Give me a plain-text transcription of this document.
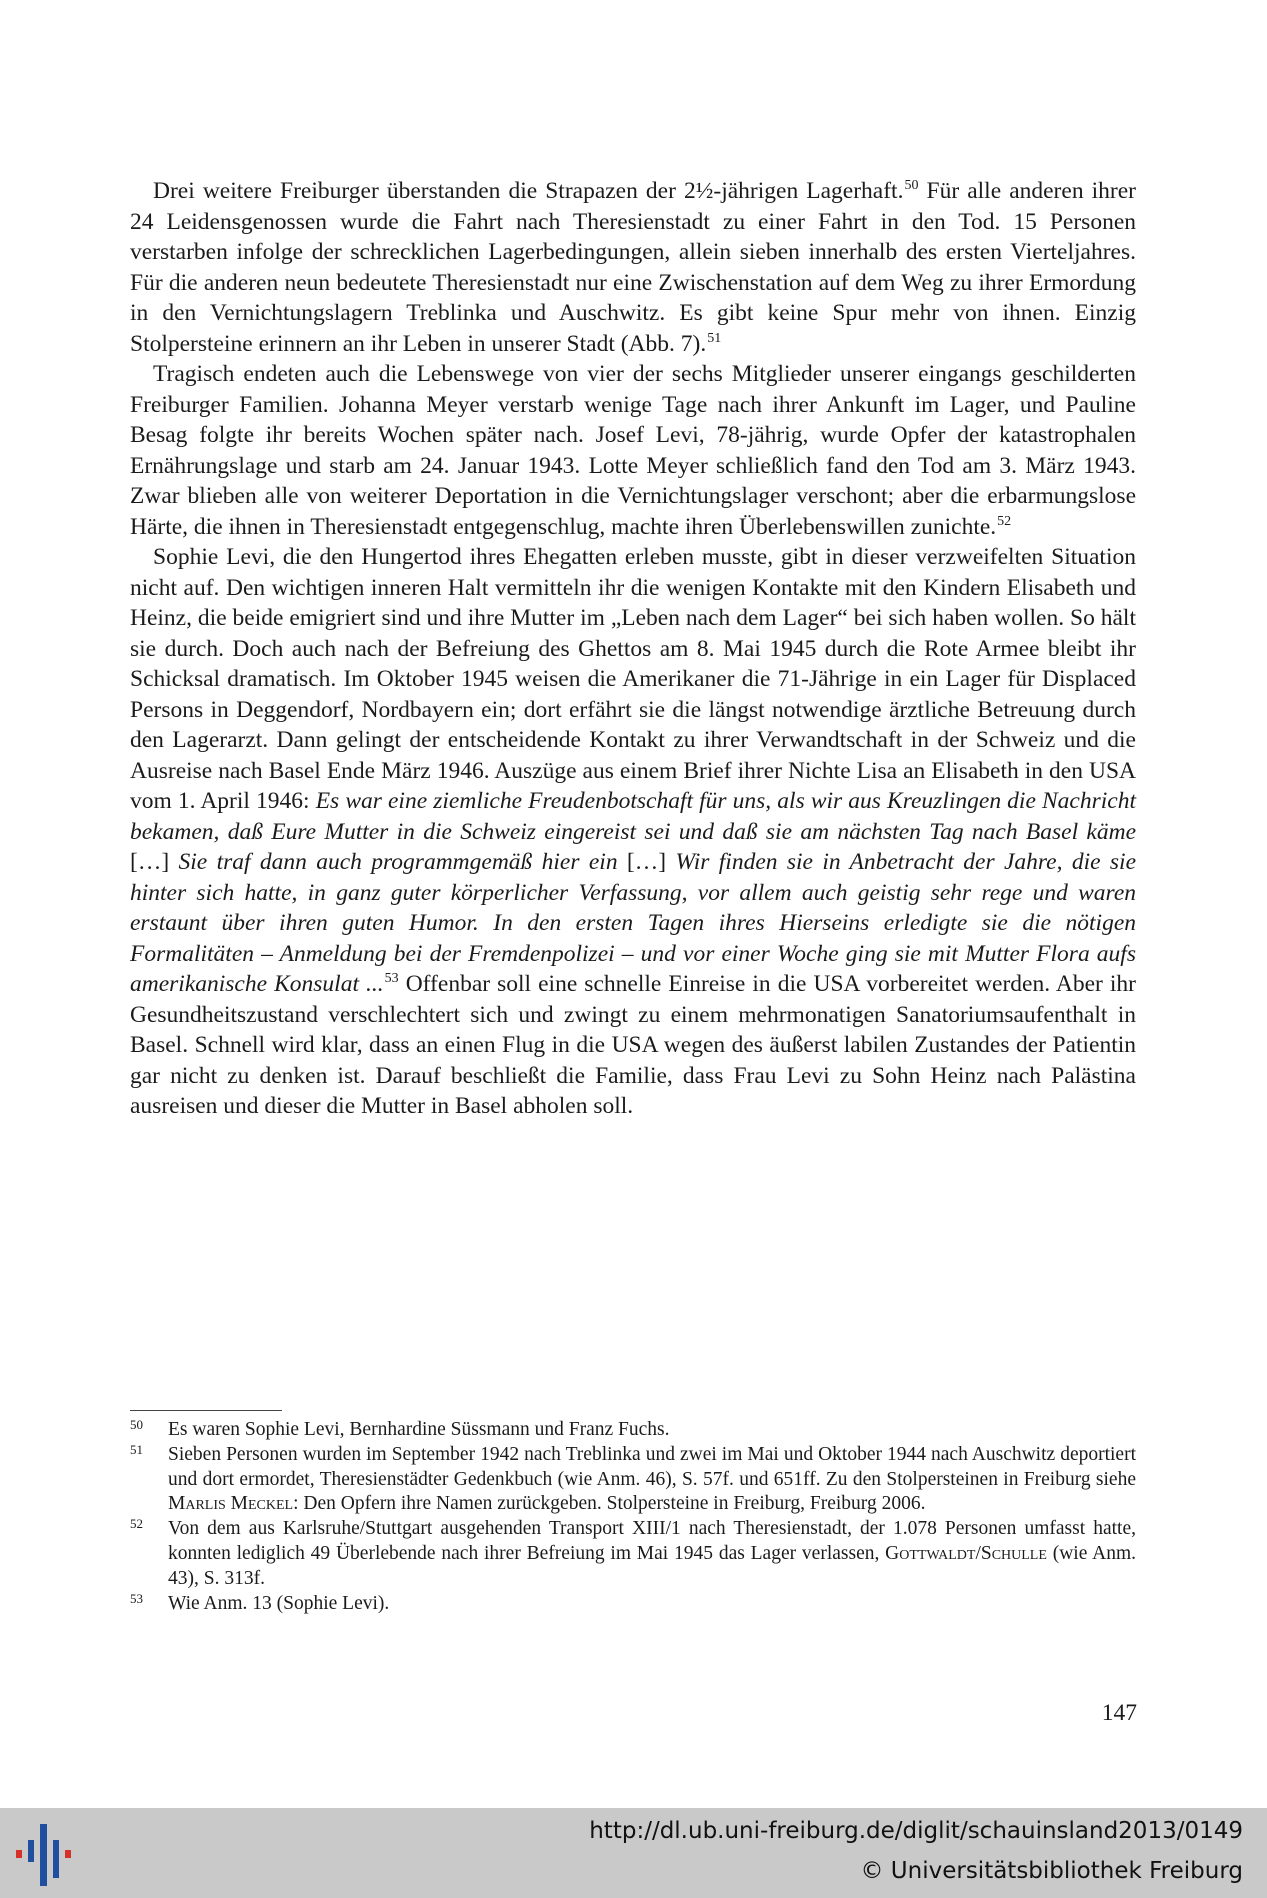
Drei weitere Freiburger überstanden die Strapazen der 2½-jährigen Lagerhaft.$^{50}$ Für alle anderen ihrer 24 Leidensgenossen wurde die Fahrt nach Theresienstadt zu einer Fahrt in den Tod. 15 Personen verstarben infolge der schrecklichen Lagerbedingungen, allein sieben innerhalb des ersten Vierteljahres. Für die anderen neun bedeutete Theresienstadt nur eine Zwischenstation auf dem Weg zu ihrer Ermordung in den Vernichtungslagern Treblinka und Auschwitz. Es gibt keine Spur mehr von ihnen. Einzig Stolpersteine erinnern an ihr Leben in unserer Stadt (Abb. 7).$^{51}$

Tragisch endeten auch die Lebenswege von vier der sechs Mitglieder unserer eingangs geschilderten Freiburger Familien. Johanna Meyer verstarb wenige Tage nach ihrer Ankunft im Lager, und Pauline Besag folgte ihr bereits Wochen später nach. Josef Levi, 78-jährig, wurde Opfer der katastrophalen Ernährungslage und starb am 24. Januar 1943. Lotte Meyer schließlich fand den Tod am 3. März 1943. Zwar blieben alle von weiterer Deportation in die Vernichtungslager verschont; aber die erbarmungslose Härte, die ihnen in Theresienstadt entgegenschlug, machte ihren Überlebenswillen zunichte.$^{52}$

Sophie Levi, die den Hungertod ihres Ehegatten erleben musste, gibt in dieser verzweifelten Situation nicht auf. Den wichtigen inneren Halt vermitteln ihr die wenigen Kontakte mit den Kindern Elisabeth und Heinz, die beide emigriert sind und ihre Mutter im „Leben nach dem Lager“ bei sich haben wollen. So hält sie durch. Doch auch nach der Befreiung des Ghettos am 8. Mai 1945 durch die Rote Armee bleibt ihr Schicksal dramatisch. Im Oktober 1945 weisen die Amerikaner die 71-Jährige in ein Lager für Displaced Persons in Deggendorf, Nordbayern ein; dort erfährt sie die längst notwendige ärztliche Betreuung durch den Lagerarzt. Dann gelingt der entscheidende Kontakt zu ihrer Verwandtschaft in der Schweiz und die Ausreise nach Basel Ende März 1946. Auszüge aus einem Brief ihrer Nichte Lisa an Elisabeth in den USA vom 1. April 1946: Es war eine ziemliche Freudenbotschaft für uns, als wir aus Kreuzlingen die Nachricht bekamen, daß Eure Mutter in die Schweiz eingereist sei und daß sie am nächsten Tag nach Basel käme […] Sie traf dann auch programmgemäß hier ein […] Wir finden sie in Anbetracht der Jahre, die sie hinter sich hatte, in ganz guter körperlicher Verfassung, vor allem auch geistig sehr rege und waren erstaunt über ihren guten Humor. In den ersten Tagen ihres Hierseins erledigte sie die nötigen Formalitäten – Anmeldung bei der Fremdenpolizei – und vor einer Woche ging sie mit Mutter Flora aufs amerikanische Konsulat ...$^{53}$ Offenbar soll eine schnelle Einreise in die USA vorbereitet werden. Aber ihr Gesundheitszustand verschlechtert sich und zwingt zu einem mehrmonatigen Sanatoriumsaufenthalt in Basel. Schnell wird klar, dass an einen Flug in die USA wegen des äußerst labilen Zustandes der Patientin gar nicht zu denken ist. Darauf beschließt die Familie, dass Frau Levi zu Sohn Heinz nach Palästina ausreisen und dieser die Mutter in Basel abholen soll.

50 Es waren Sophie Levi, Bernhardine Süssmann und Franz Fuchs.
51 Sieben Personen wurden im September 1942 nach Treblinka und zwei im Mai und Oktober 1944 nach Auschwitz deportiert und dort ermordet, Theresienstädter Gedenkbuch (wie Anm. 46), S. 57f. und 651ff. Zu den Stolpersteinen in Freiburg siehe Marlis Meckel: Den Opfern ihre Namen zurückgeben. Stolpersteine in Freiburg, Freiburg 2006.
52 Von dem aus Karlsruhe/Stuttgart ausgehenden Transport XIII/1 nach Theresienstadt, der 1.078 Personen umfasst hatte, konnten lediglich 49 Überlebende nach ihrer Befreiung im Mai 1945 das Lager verlassen, Gottwaldt/Schulle (wie Anm. 43), S. 313f.
53 Wie Anm. 13 (Sophie Levi).
147
http://dl.ub.uni-freiburg.de/diglit/schauinsland2013/0149
© Universitätsbibliothek Freiburg
